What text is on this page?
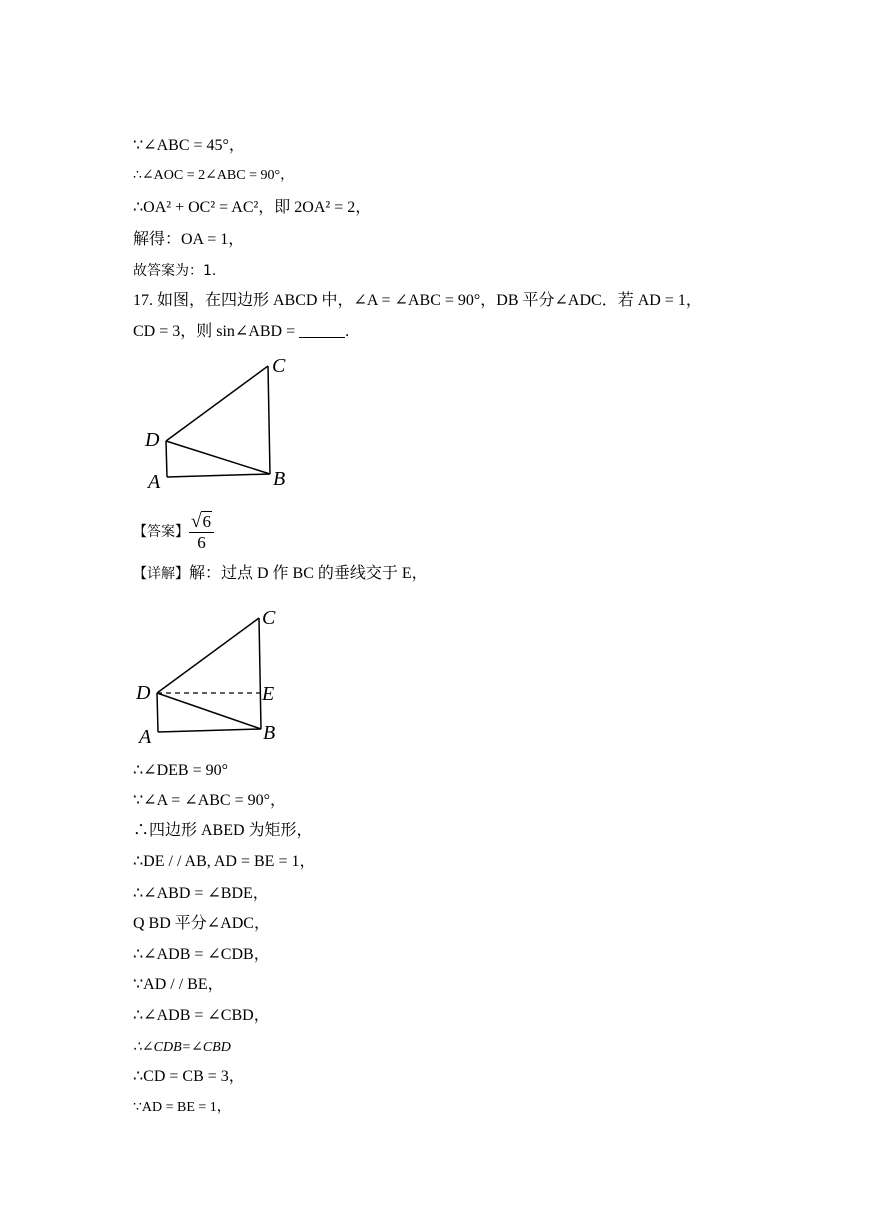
∵∠ABC = 45°，
∴∠AOC = 2∠ABC = 90°，
∴OA² + OC² = AC²，即 2OA² = 2，
解得：OA = 1，
故答案为：1.
17. 如图，在四边形 ABCD 中，∠A = ∠ABC = 90°，DB 平分∠ADC．若 AD = 1，
CD = 3，则 sin∠ABD =	.
C
D
A	B
【答案】 $\frac{√6}{6}$
【详解】解：过点 D 作 BC 的垂线交于 E，
C
D	E
A	B
∴∠DEB = 90°
∵∠A = ∠ABC = 90°，
∴四边形 ABED 为矩形，
∴DE / / AB, AD = BE = 1，
∴∠ABD = ∠BDE，
Q BD 平分∠ADC，
∴∠ADB = ∠CDB，
∵AD / / BE，
∴∠ADB = ∠CBD，
∴∠CDB=∠CBD
∴CD = CB = 3，
∵AD = BE = 1，
